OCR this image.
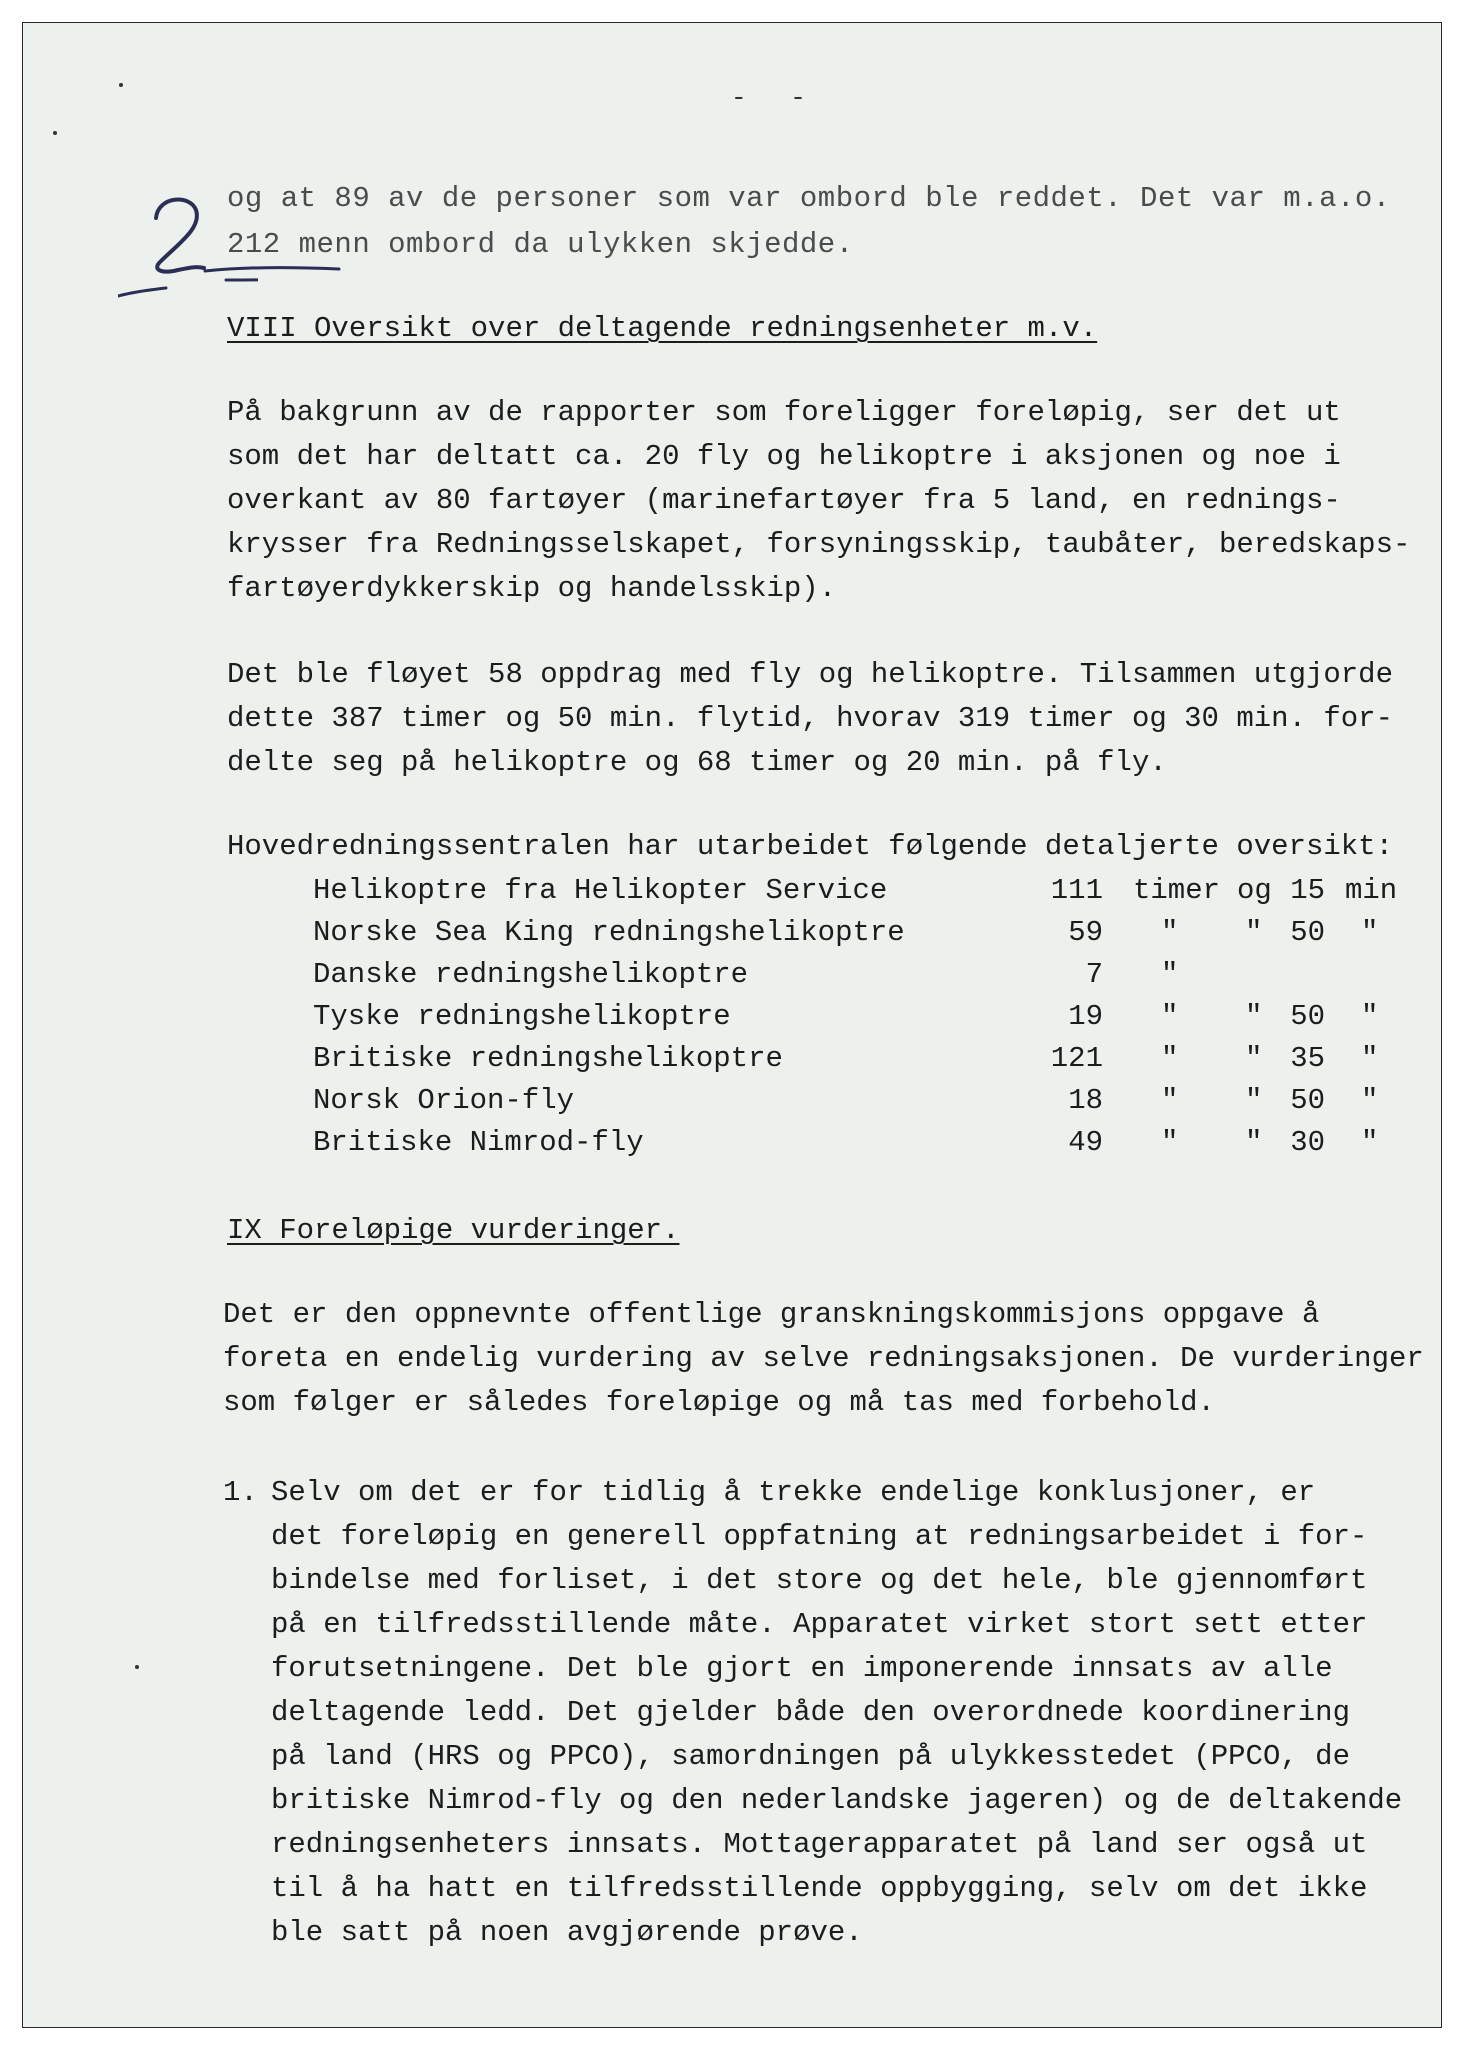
- -
2	og at 89 av de personer som var ombord ble reddet. Det var m.a.o.
212 menn ombord da ulykken skjedde.
VIII Oversikt over deltagende redningsenheter m.v.
På bakgrunn av de rapporter som foreligger foreløpig, ser det ut
som det har deltatt ca. 20 fly og helikoptre i aksjonen og noe i
overkant av 80 fartøyer (marinefartøyer fra 5 land, en rednings-
krysser fra Redningsselskapet, forsyningsskip, taubåter, beredskaps-
fartøyerdykkerskip og handelsskip).
Det ble fløyet 58 oppdrag med fly og helikoptre. Tilsammen utgjorde
dette 387 timer og 50 min. flytid, hvorav 319 timer og 30 min. for-
delte seg på helikoptre og 68 timer og 20 min. på fly.
Hovedredningssentralen har utarbeidet følgende detaljerte oversikt:
Helikoptre fra Helikopter Service	111 timer og 15 min
Norske Sea King redningshelikoptre	59 " " 50 "
Danske redningshelikoptre	7 "
Tyske redningshelikoptre	19 " " 50 "
Britiske redningshelikoptre	121 " " 35 "
Norsk Orion-fly	18 " " 50 "
Britiske Nimrod-fly	49 " " 30 "
IX Foreløpige vurderinger.
Det er den oppnevnte offentlige granskningskommisjons oppgave å
foreta en endelig vurdering av selve redningsaksjonen. De vurderinger
som følger er således foreløpige og må tas med forbehold.
1. Selv om det er for tidlig å trekke endelige konklusjoner, er
det foreløpig en generell oppfatning at redningsarbeidet i for-
bindelse med forliset, i det store og det hele, ble gjennomført
på en tilfredsstillende måte. Apparatet virket stort sett etter
forutsetningene. Det ble gjort en imponerende innsats av alle
deltagende ledd. Det gjelder både den overordnede koordinering
på land (HRS og PPCO), samordningen på ulykkesstedet (PPCO, de
britiske Nimrod-fly og den nederlandske jageren) og de deltakende
redningsenheters innsats. Mottagerapparatet på land ser også ut
til å ha hatt en tilfredsstillende oppbygging, selv om det ikke
ble satt på noen avgjørende prøve.
